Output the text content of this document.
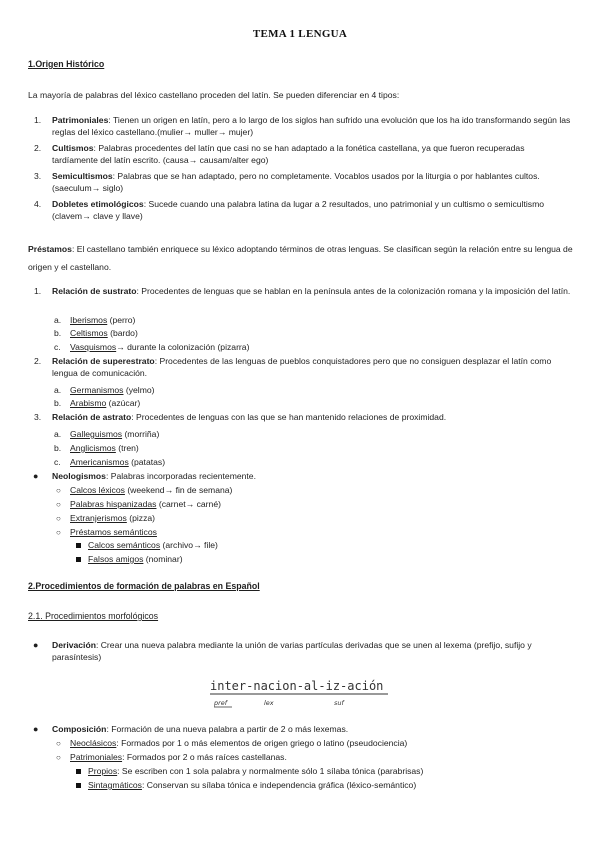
TEMA 1 LENGUA
1.Origen Histórico
La mayoría de palabras del léxico castellano proceden del latín. Se pueden diferenciar en 4 tipos:
1. Patrimoniales: Tienen un origen en latín, pero a lo largo de los siglos han sufrido una evolución que los ha ido transformando según las reglas del léxico castellano.(mulier→ muller→ mujer)
2. Cultismos: Palabras procedentes del latín que casi no se han adaptado a la fonética castellana, ya que fueron recuperadas tardíamente del latín escrito. (causa→ causam/alter ego)
3. Semicultismos: Palabras que se han adaptado, pero no completamente. Vocablos usados por la liturgia o por hablantes cultos. (saeculum→ siglo)
4. Dobletes etimológicos: Sucede cuando una palabra latina da lugar a 2 resultados, uno patrimonial y un cultismo o semicultismo (clavem→ clave y llave)
Préstamos: El castellano también enriquece su léxico adoptando términos de otras lenguas. Se clasifican según la relación entre su lengua de origen y el castellano.
1. Relación de sustrato: Procedentes de lenguas que se hablan en la península antes de la colonización romana y la imposición del latín.
a. Iberismos (perro)
b. Celtismos (bardo)
c. Vasquismos→ durante la colonización (pizarra)
2. Relación de superestrato: Procedentes de las lenguas de pueblos conquistadores pero que no consiguen desplazar el latín como lengua de comunicación.
a. Germanismos (yelmo)
b. Arabismo (azúcar)
3. Relación de astrato: Procedentes de lenguas con las que se han mantenido relaciones de proximidad.
a. Galleguismos (morriña)
b. Anglicismos (tren)
c. Americanismos (patatas)
● Neologismos: Palabras incorporadas recientemente.
○ Calcos léxicos (weekend→ fin de semana)
○ Palabras hispanizadas (carnet→ carné)
○ Extranjerismos (pizza)
○ Préstamos semánticos
Calcos semánticos (archivo→ file)
Falsos amigos (nominar)
2.Procedimientos de formación de palabras en Español
2.1. Procedimientos morfológicos
● Derivación: Crear una nueva palabra mediante la unión de varias partículas derivadas que se unen al lexema (prefijo, sufijo y parasíntesis)
inter-nacion-al-iz-ación
pref	lex	suf
● Composición: Formación de una nueva palabra a partir de 2 o más lexemas.
○ Neoclásicos: Formados por 1 o más elementos de origen griego o latino (pseudociencia)
○ Patrimoniales: Formados por 2 o más raíces castellanas.
Propios: Se escriben con 1 sola palabra y normalmente sólo 1 sílaba tónica (parabrisas)
Sintagmáticos: Conservan su sílaba tónica e independencia gráfica (léxico-semántico)
